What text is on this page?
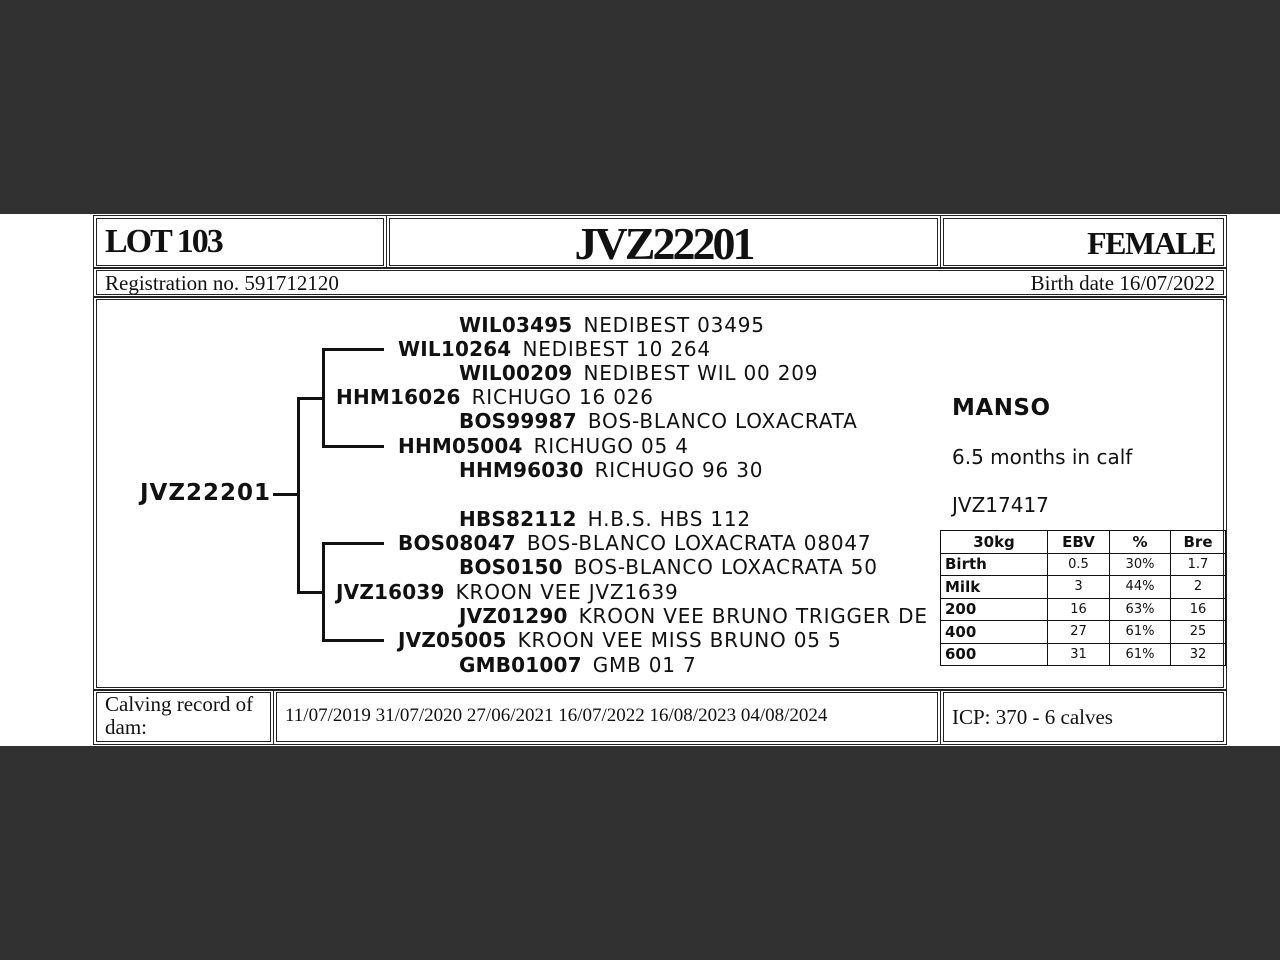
LOT 103	JVZ22201	FEMALE
Registration no. 591712120	Birth date 16/07/2022
JVZ22201
WIL03495 NEDIBEST 03495
WIL10264 NEDIBEST 10 264
WIL00209 NEDIBEST WIL 00 209
HHM16026 RICHUGO 16 026
BOS99987 BOS-BLANCO LOXACRATA
HHM05004 RICHUGO 05 4
HHM96030 RICHUGO 96 30
HBS82112 H.B.S. HBS 112
BOS08047 BOS-BLANCO LOXACRATA 08047
BOS0150 BOS-BLANCO LOXACRATA 50
JVZ16039 KROON VEE JVZ1639
JVZ01290 KROON VEE BRUNO TRIGGER DE
JVZ05005 KROON VEE MISS BRUNO 05 5
GMB01007 GMB 01 7
MANSO
6.5 months in calf
JVZ17417
30kg	EBV	%	Bre
Birth	0.5	30%	1.7
Milk	3	44%	2
200	16	63%	16
400	27	61%	25
600	31	61%	32
Calving record of dam:	11/07/2019 31/07/2020 27/06/2021 16/07/2022 16/08/2023 04/08/2024	ICP: 370 - 6 calves
